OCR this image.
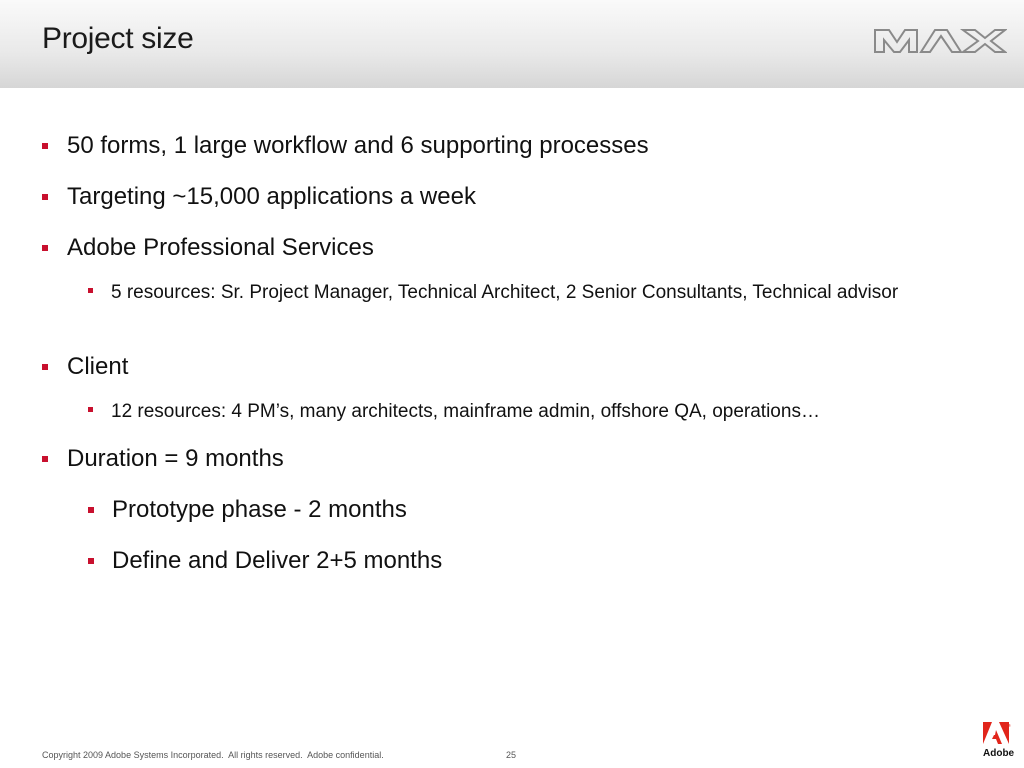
Project size
50 forms, 1 large workflow and 6 supporting processes
Targeting ~15,000 applications a week
Adobe Professional Services
5 resources: Sr. Project Manager, Technical Architect, 2 Senior Consultants, Technical advisor
Client
12 resources: 4 PM’s, many architects, mainframe admin, offshore QA, operations…
Duration = 9 months
Prototype phase - 2 months
Define and Deliver 2+5 months
Copyright 2009 Adobe Systems Incorporated.  All rights reserved.  Adobe confidential.	25
®
Adobe
